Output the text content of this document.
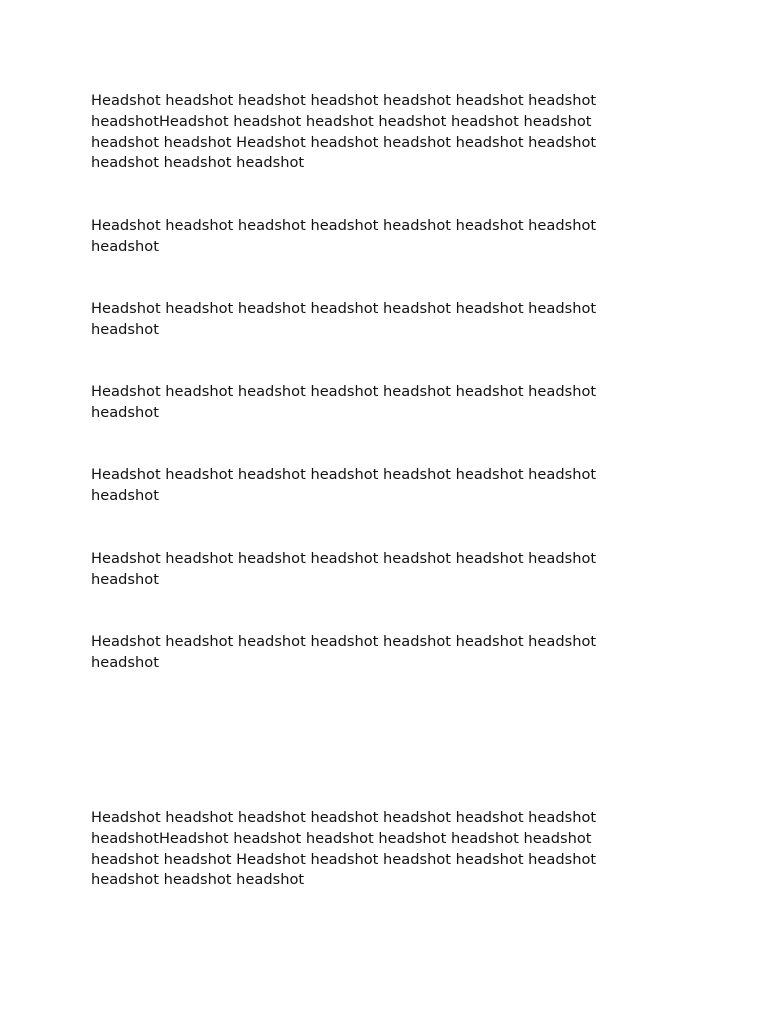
Headshot headshot headshot headshot headshot headshot headshot
headshotHeadshot headshot headshot headshot headshot headshot
headshot headshot Headshot headshot headshot headshot headshot
headshot headshot headshot

Headshot headshot headshot headshot headshot headshot headshot
headshot

Headshot headshot headshot headshot headshot headshot headshot
headshot

Headshot headshot headshot headshot headshot headshot headshot
headshot

Headshot headshot headshot headshot headshot headshot headshot
headshot

Headshot headshot headshot headshot headshot headshot headshot
headshot

Headshot headshot headshot headshot headshot headshot headshot
headshot

Headshot headshot headshot headshot headshot headshot headshot
headshotHeadshot headshot headshot headshot headshot headshot
headshot headshot Headshot headshot headshot headshot headshot
headshot headshot headshot
